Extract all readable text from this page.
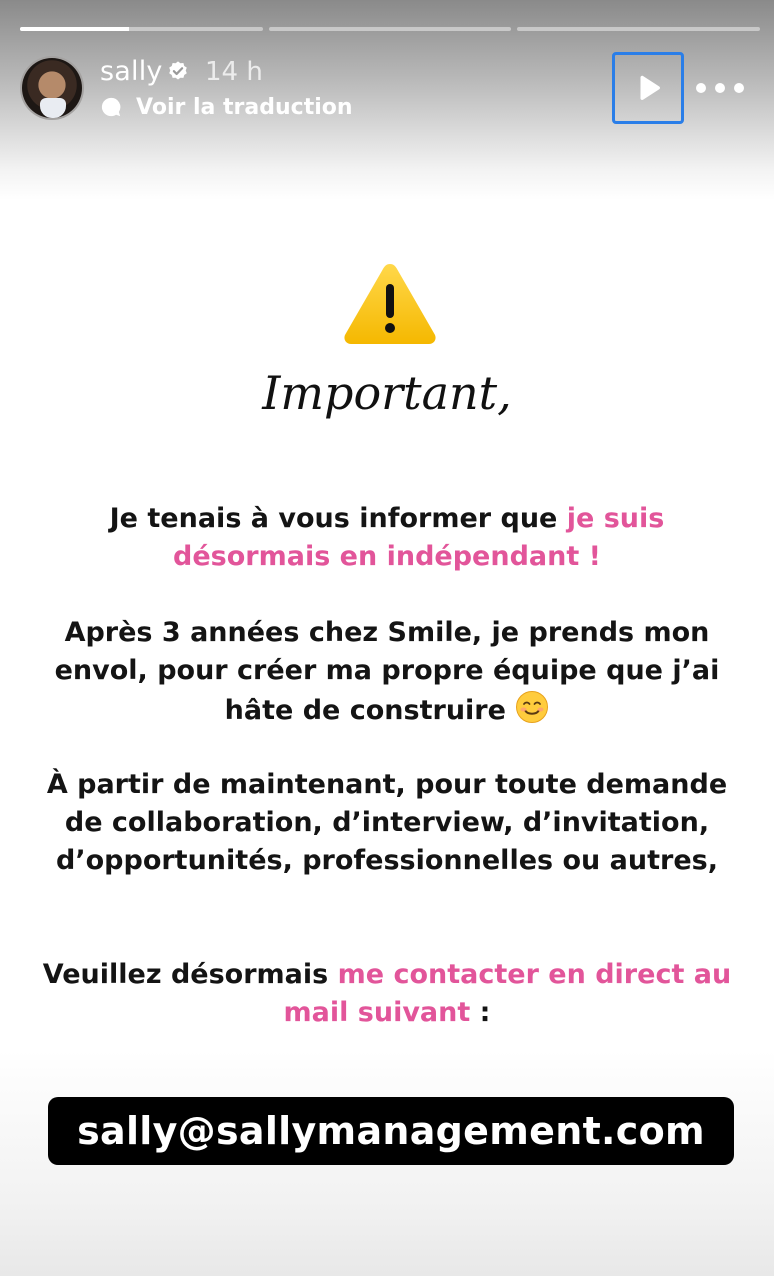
sally 14 h
Voir la traduction
Important,
Je tenais à vous informer que je suis désormais en indépendant !
Après 3 années chez Smile, je prends mon envol, pour créer ma propre équipe que j’ai hâte de construire
À partir de maintenant, pour toute demande de collaboration, d’interview, d’invitation, d’opportunités, professionnelles ou autres,
Veuillez désormais me contacter en direct au mail suivant :
sally@sallymanagement.com
